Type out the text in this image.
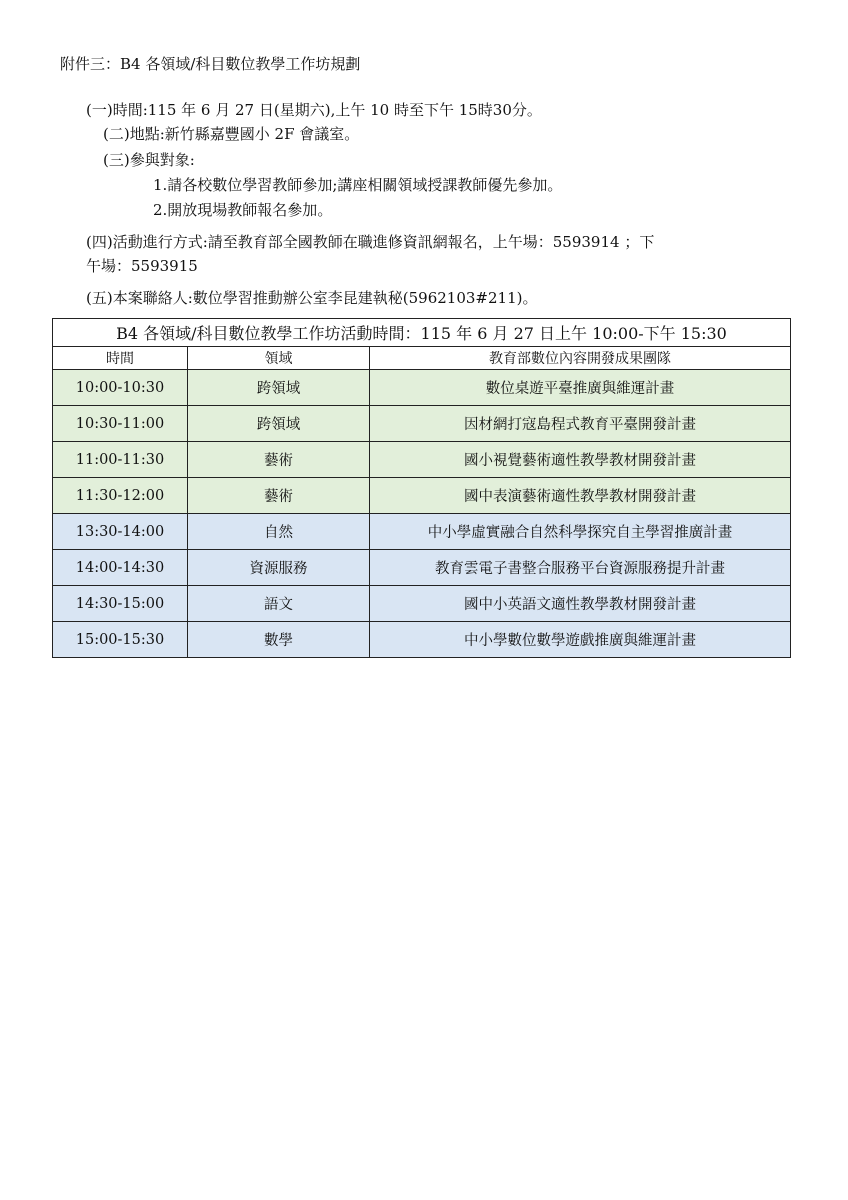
附件三：B4 各領域/科目數位教學工作坊規劃
(一)時間:115 年 6 月 27 日(星期六),上午 10 時至下午 15時30分。
(二)地點:新竹縣嘉豐國小 2F 會議室。
(三)參與對象:
1.請各校數位學習教師參加;講座相關領域授課教師優先參加。
2.開放現場教師報名參加。
(四)活動進行方式:請至教育部全國教師在職進修資訊網報名，上午場：5593914 ；下
午場：5593915
(五)本案聯絡人:數位學習推動辦公室李昆建執秘(5962103#211)。
B4 各領域/科目數位教學工作坊活動時間：115 年 6 月 27 日上午 10:00-下午 15:30		
時間	領域	教育部數位內容開發成果團隊
10:00-10:30	跨領域	數位桌遊平臺推廣與維運計畫
10:30-11:00	跨領域	因材網打寇島程式教育平臺開發計畫
11:00-11:30	藝術	國小視覺藝術適性教學教材開發計畫
11:30-12:00	藝術	國中表演藝術適性教學教材開發計畫
13:30-14:00	自然	中小學虛實融合自然科學探究自主學習推廣計畫
14:00-14:30	資源服務	教育雲電子書整合服務平台資源服務提升計畫
14:30-15:00	語文	國中小英語文適性教學教材開發計畫
15:00-15:30	數學	中小學數位數學遊戲推廣與維運計畫
